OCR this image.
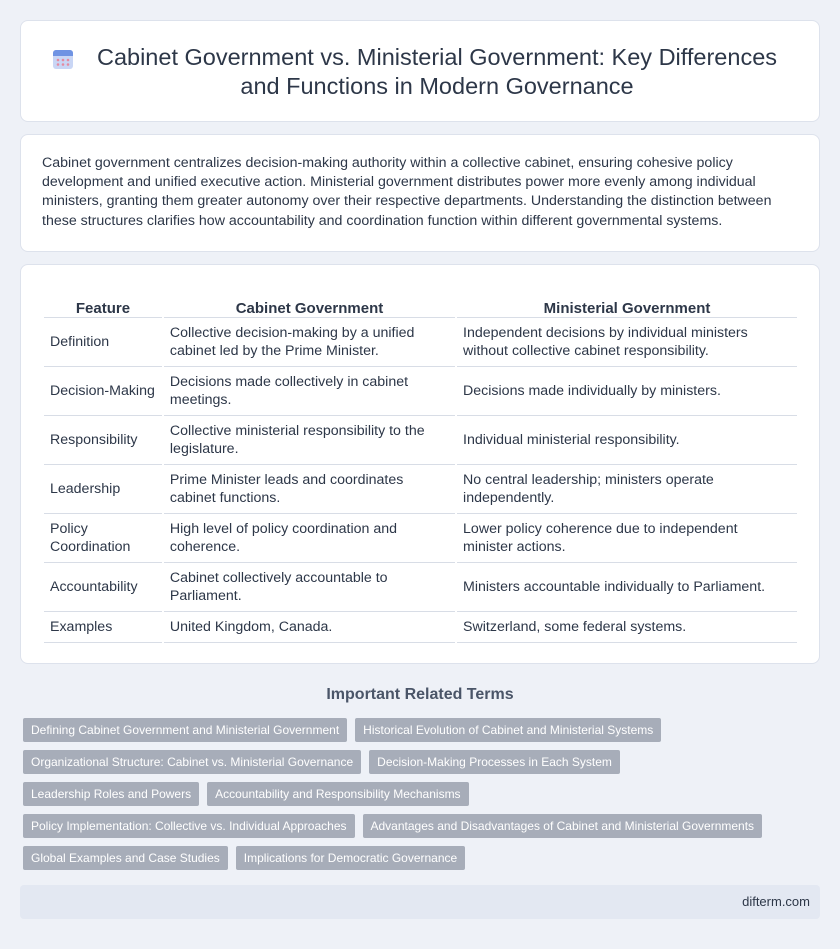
Cabinet Government vs. Ministerial Government: Key Differences and Functions in Modern Governance

Cabinet government centralizes decision-making authority within a collective cabinet, ensuring cohesive policy development and unified executive action. Ministerial government distributes power more evenly among individual ministers, granting them greater autonomy over their respective departments. Understanding the distinction between these structures clarifies how accountability and coordination function within different governmental systems.

Feature	Cabinet Government	Ministerial Government
Definition	Collective decision-making by a unified cabinet led by the Prime Minister.	Independent decisions by individual ministers without collective cabinet responsibility.
Decision-Making	Decisions made collectively in cabinet meetings.	Decisions made individually by ministers.
Responsibility	Collective ministerial responsibility to the legislature.	Individual ministerial responsibility.
Leadership	Prime Minister leads and coordinates cabinet functions.	No central leadership; ministers operate independently.
Policy Coordination	High level of policy coordination and coherence.	Lower policy coherence due to independent minister actions.
Accountability	Cabinet collectively accountable to Parliament.	Ministers accountable individually to Parliament.
Examples	United Kingdom, Canada.	Switzerland, some federal systems.
Important Related Terms
Defining Cabinet Government and Ministerial Government	Historical Evolution of Cabinet and Ministerial Systems
Organizational Structure: Cabinet vs. Ministerial Governance	Decision-Making Processes in Each System
Leadership Roles and Powers	Accountability and Responsibility Mechanisms
Policy Implementation: Collective vs. Individual Approaches	Advantages and Disadvantages of Cabinet and Ministerial Governments
Global Examples and Case Studies	Implications for Democratic Governance
difterm.com
